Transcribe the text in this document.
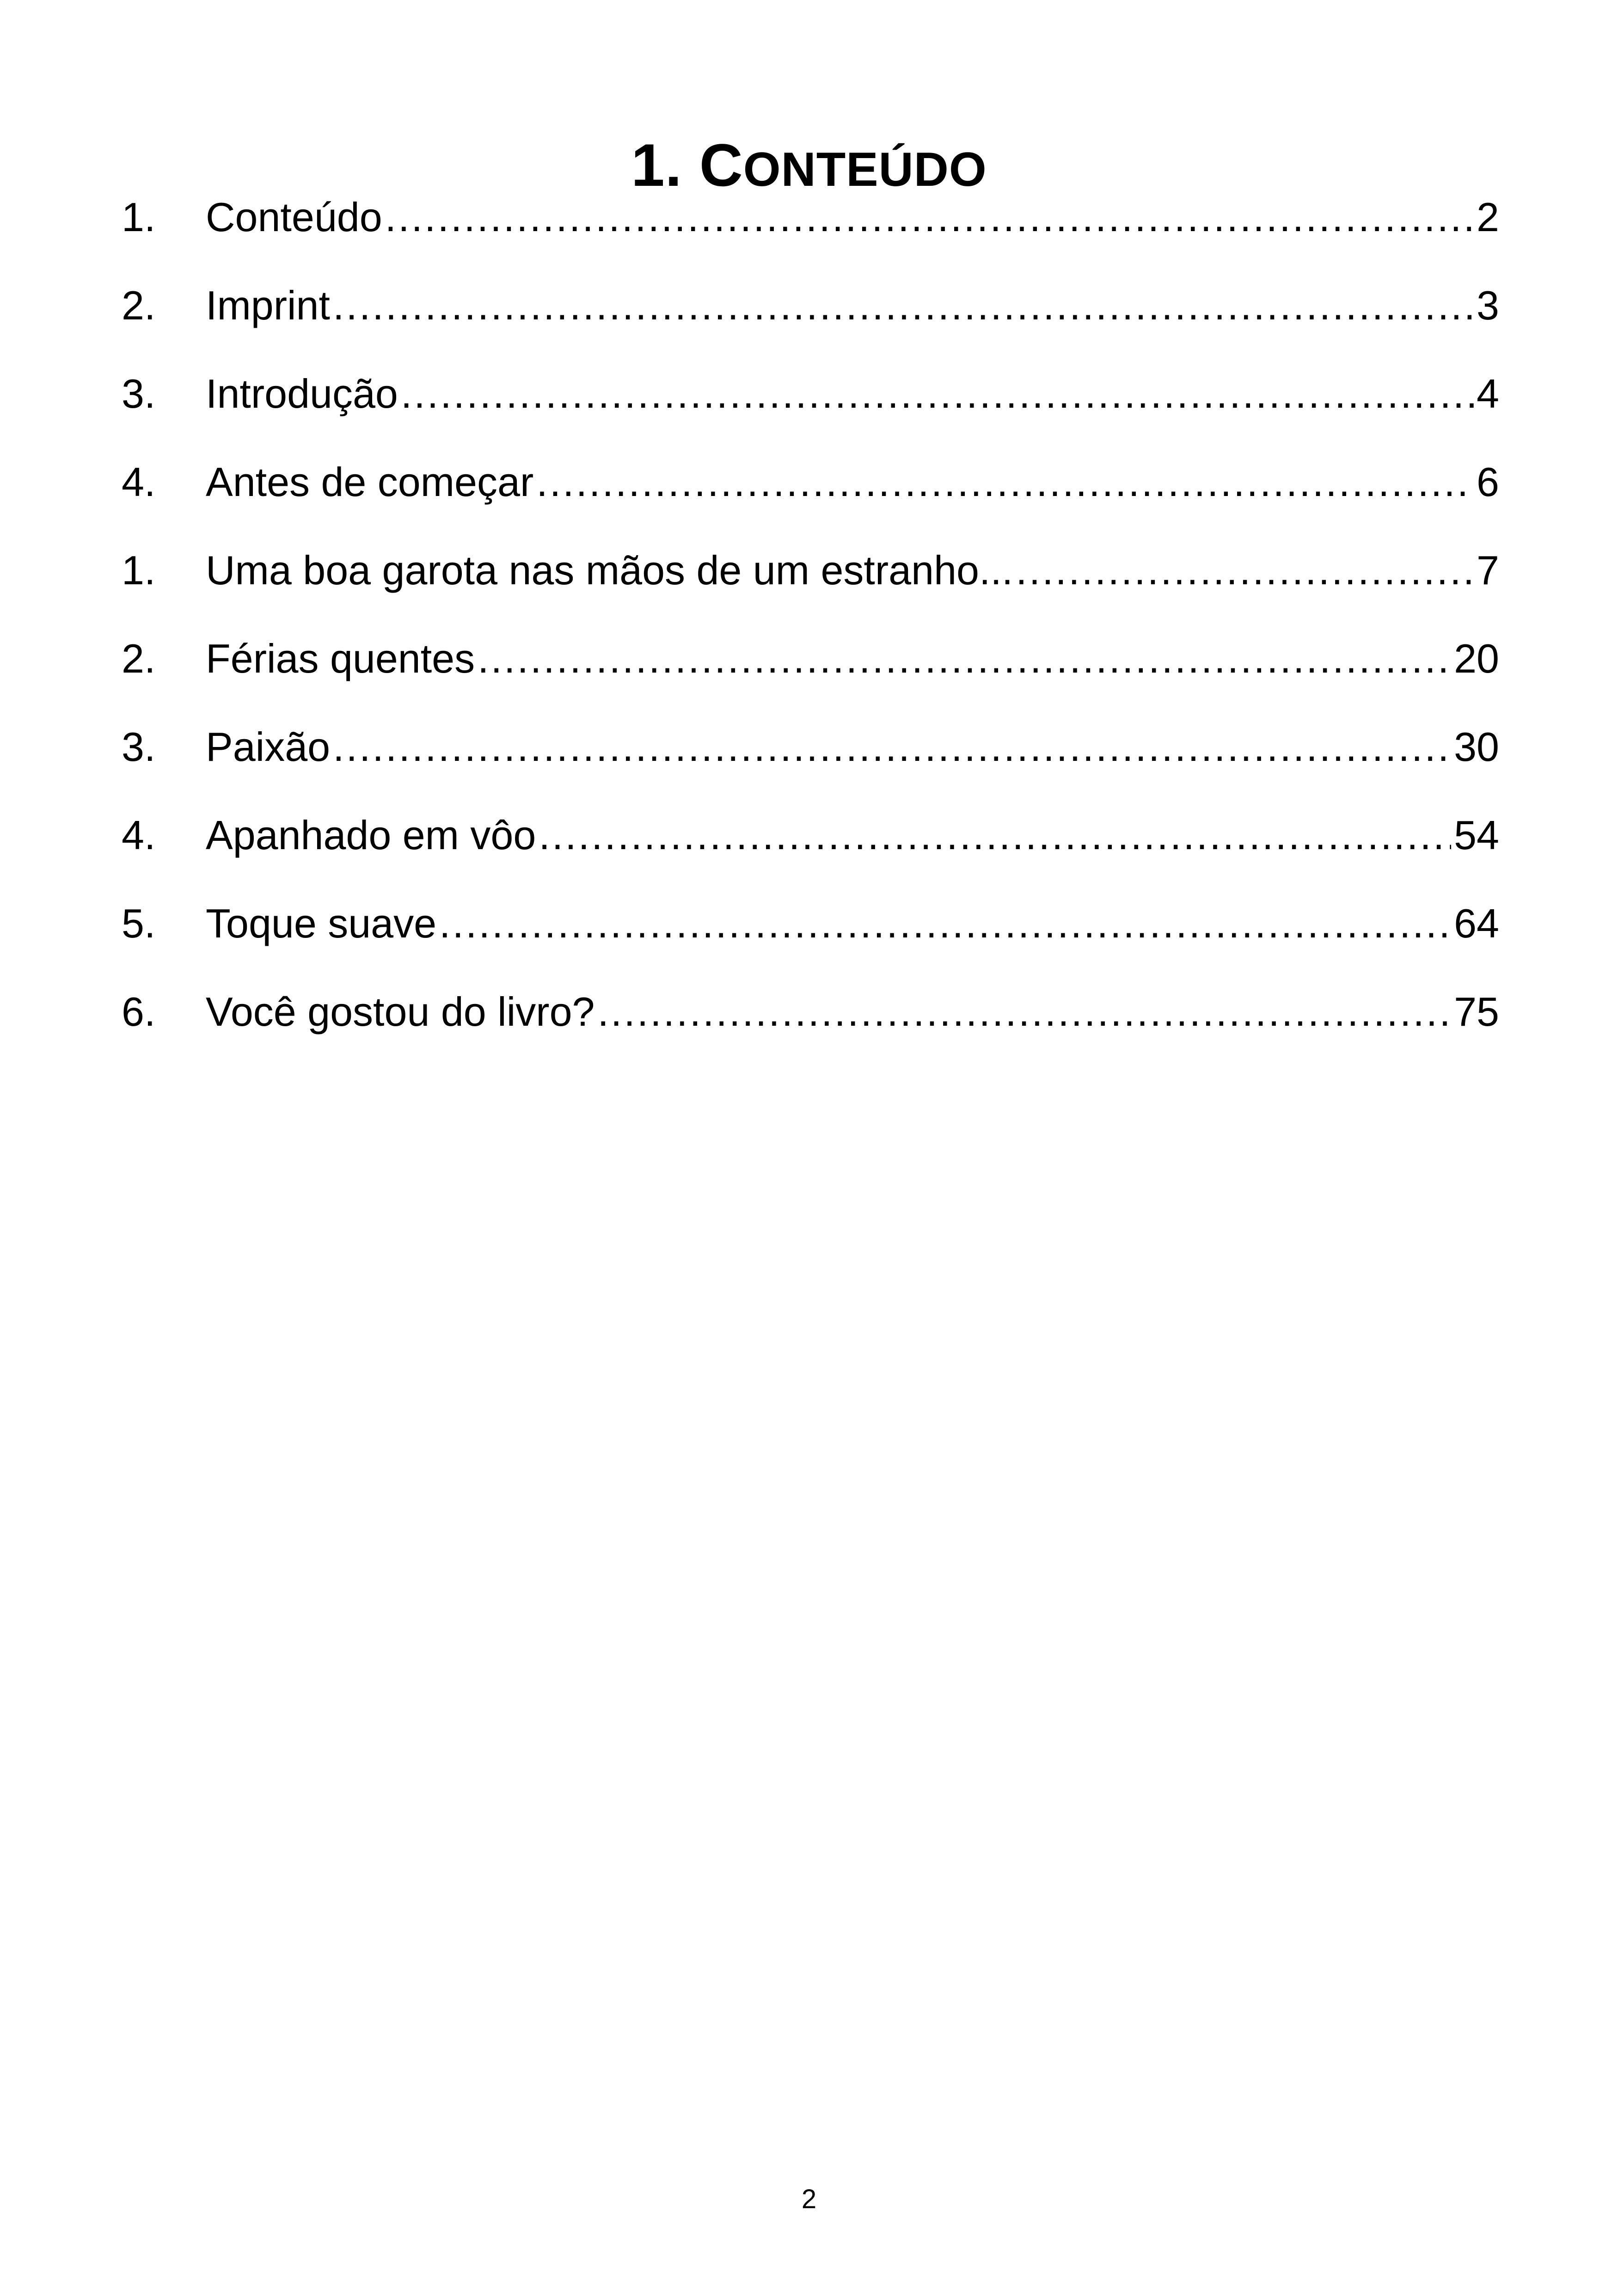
1. CONTEÚDO
1.	Conteúdo .....	2
2.	Imprint .....	3
3.	Introdução .....	4
4.	Antes de começar .....	6
1.	Uma boa garota nas mãos de um estranho... .....	7
2.	Férias quentes .....	20
3.	Paixão .....	30
4.	Apanhado em vôo .....	54
5.	Toque suave .....	64
6.	Você gostou do livro? .....	75
2
